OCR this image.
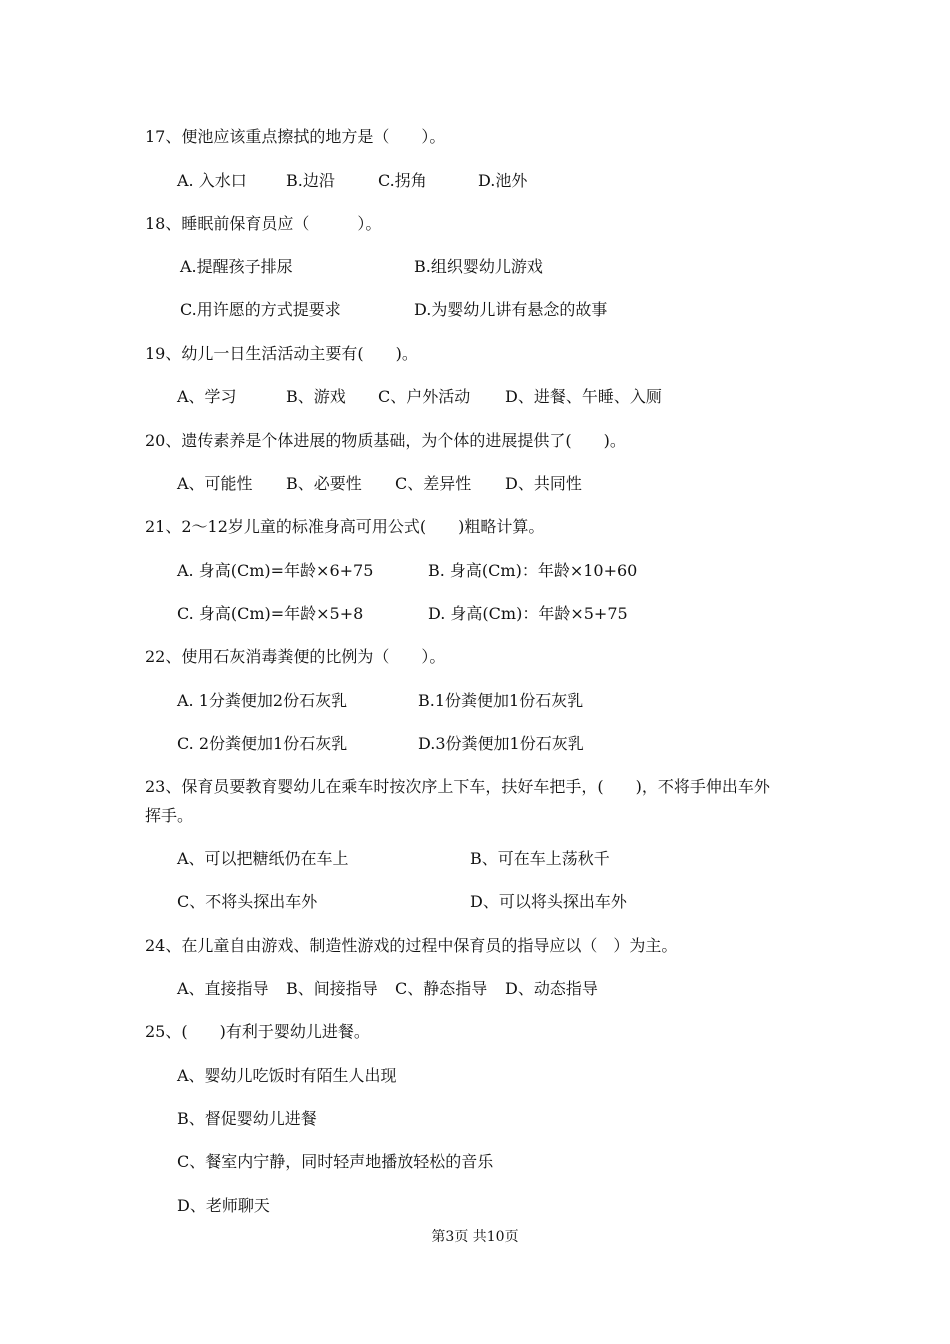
17、便池应该重点擦拭的地方是（　　）。
A. 入水口 B.边沿	C.拐角	D.池外
18、睡眠前保育员应（　　　）。
A.提醒孩子排尿	B.组织婴幼儿游戏
C.用许愿的方式提要求	D.为婴幼儿讲有悬念的故事
19、幼儿一日生活活动主要有(　　)。
A、学习	B、游戏 C、户外活动 D、进餐、午睡、入厕
20、遗传素养是个体进展的物质基础，为个体的进展提供了(　　)。
A、可能性 B、必要性 C、差异性 D、共同性
21、2～12岁儿童的标准身高可用公式(　　)粗略计算。
A. 身高(Cm)=年龄×6+75	B. 身高(Cm)：年龄×10+60
C. 身高(Cm)=年龄×5+8	D. 身高(Cm)：年龄×5+75
22、使用石灰消毒粪便的比例为（　　）。
A. 1分粪便加2份石灰乳	B.1份粪便加1份石灰乳
C. 2份粪便加1份石灰乳	D.3份粪便加1份石灰乳
23、保育员要教育婴幼儿在乘车时按次序上下车，扶好车把手，(　　)，不将手伸出车外
挥手。
A、可以把糖纸仍在车上	B、可在车上荡秋千
C、不将头探出车外	D、可以将头探出车外
24、在儿童自由游戏、制造性游戏的过程中保育员的指导应以（　）为主。
A、直接指导 B、间接指导 C、静态指导 D、动态指导
25、(　　)有利于婴幼儿进餐。
A、婴幼儿吃饭时有陌生人出现
B、督促婴幼儿进餐
C、餐室内宁静，同时轻声地播放轻松的音乐
D、老师聊天
第3页 共10页
